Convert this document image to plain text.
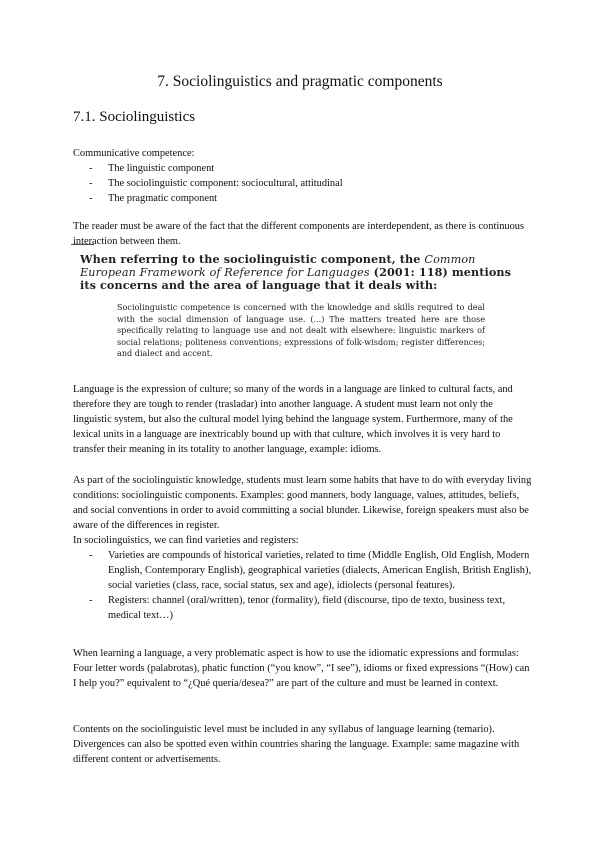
7. Sociolinguistics and pragmatic components
7.1. Sociolinguistics
Communicative competence:
- The linguistic component
- The sociolinguistic component: sociocultural, attitudinal
- The pragmatic component
The reader must be aware of the fact that the different components are interdependent, as there is continuous interaction between them.
When referring to the sociolinguistic component, the Common European Framework of Reference for Languages (2001: 118) mentions its concerns and the area of language that it deals with:
Sociolinguistic competence is concerned with the knowledge and skills required to deal with the social dimension of language use. (...) The matters treated here are those specifically relating to language use and not dealt with elsewhere: linguistic markers of social relations; politeness conventions; expressions of folk-wisdom; register differences; and dialect and accent.
Language is the expression of culture; so many of the words in a language are linked to cultural facts, and therefore they are tough to render (trasladar) into another language. A student must learn not only the linguistic system, but also the cultural model lying behind the language system. Furthermore, many of the lexical units in a language are inextricably bound up with that culture, which involves it is very hard to transfer their meaning in its totality to another language, example: idioms.
As part of the sociolinguistic knowledge, students must learn some habits that have to do with everyday living conditions: sociolinguistic components. Examples: good manners, body language, values, attitudes, beliefs, and social conventions in order to avoid committing a social blunder. Likewise, foreign speakers must also be aware of the differences in register.
In sociolinguistics, we can find varieties and registers:
- Varieties are compounds of historical varieties, related to time (Middle English, Old English, Modern English, Contemporary English), geographical varieties (dialects, American English, British English), social varieties (class, race, social status, sex and age), idiolects (personal features).
- Registers: channel (oral/written), tenor (formality), field (discourse, tipo de texto, business text, medical text…)
When learning a language, a very problematic aspect is how to use the idiomatic expressions and formulas: Four letter words (palabrotas), phatic function (“you know”, “I see”), idioms or fixed expressions “(How) can I help you?” equivalent to “¿Qué quería/desea?” are part of the culture and must be learned in context.
Contents on the sociolinguistic level must be included in any syllabus of language learning (temario). Divergences can also be spotted even within countries sharing the language. Example: same magazine with different content or advertisements.
